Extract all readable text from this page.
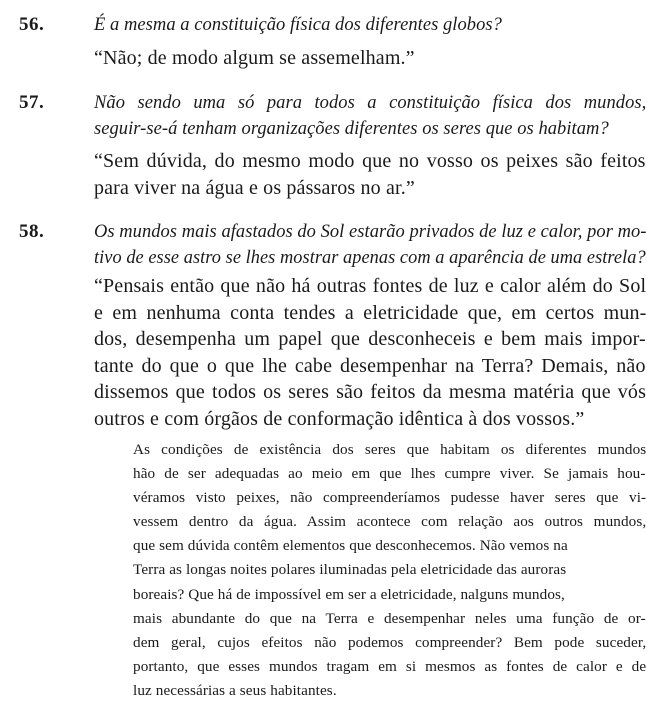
56.	É a mesma a constituição física dos diferentes globos?
“Não; de modo algum se assemelham.”
57.	Não sendo uma só para todos a constituição física dos mundos,
seguir-se-á tenham organizações diferentes os seres que os habitam?
“Sem dúvida, do mesmo modo que no vosso os peixes são feitos
para viver na água e os pássaros no ar.”
58.	Os mundos mais afastados do Sol estarão privados de luz e calor, por mo-
tivo de esse astro se lhes mostrar apenas com a aparência de uma estrela?
“Pensais então que não há outras fontes de luz e calor além do Sol
e em nenhuma conta tendes a eletricidade que, em certos mun-
dos, desempenha um papel que desconheceis e bem mais impor-
tante do que o que lhe cabe desempenhar na Terra? Demais, não
dissemos que todos os seres são feitos da mesma matéria que vós
outros e com órgãos de conformação idêntica à dos vossos.”
As condições de existência dos seres que habitam os diferentes mundos
hão de ser adequadas ao meio em que lhes cumpre viver. Se jamais hou-
véramos visto peixes, não compreenderíamos pudesse haver seres que vi-
vessem dentro da água. Assim acontece com relação aos outros mundos,
que sem dúvida contêm elementos que desconhecemos. Não vemos na
Terra as longas noites polares iluminadas pela eletricidade das auroras
boreais? Que há de impossível em ser a eletricidade, nalguns mundos,
mais abundante do que na Terra e desempenhar neles uma função de or-
dem geral, cujos efeitos não podemos compreender? Bem pode suceder,
portanto, que esses mundos tragam em si mesmos as fontes de calor e de
luz necessárias a seus habitantes.
